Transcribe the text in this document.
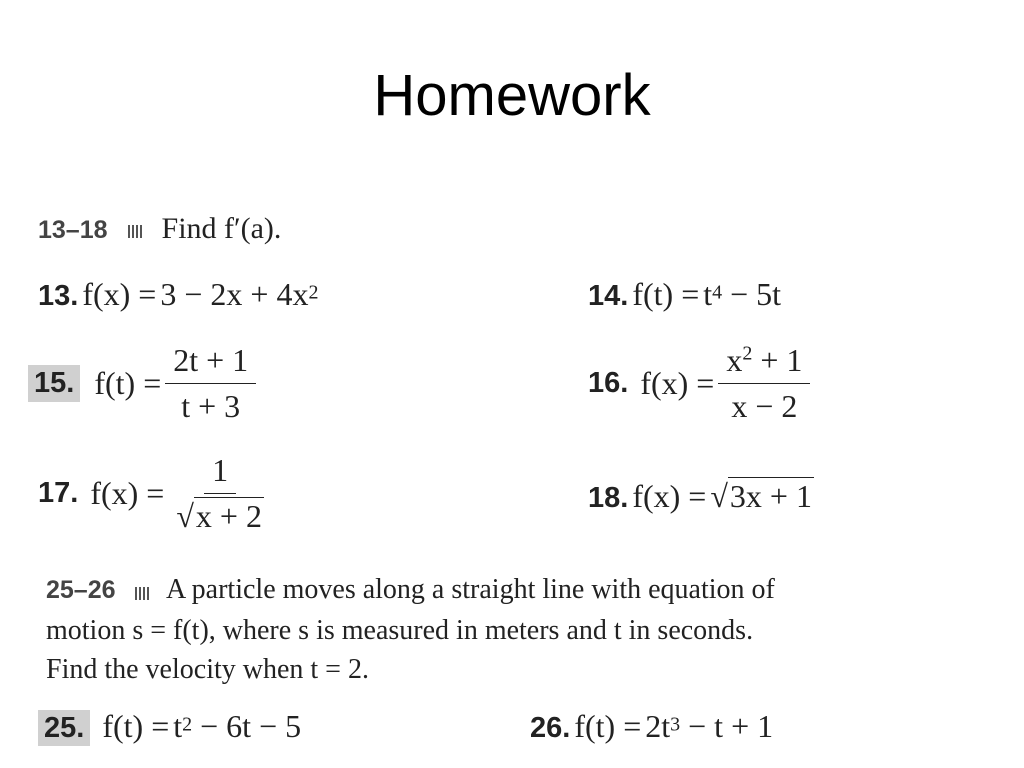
Homework
13–18 Find f′(a).
13. $f(x) = 3 - 2x + 4x^2$	14. $f(t) = t^4 - 5t$
15. $f(t) = \frac{2t + 1}{t + 3}$	16. $f(x) = \frac{x^2 + 1}{x - 2}$
17. $f(x) = \frac{1}{√x + 2}$	18. f(x) = √3x + 1
25–26 A particle moves along a straight line with equation of
motion s = f(t), where s is measured in meters and t in seconds.
Find the velocity when t = 2.
25. $f(t) = t^2 - 6t - 5$	26. $f(t) = 2t^3 - t + 1$
